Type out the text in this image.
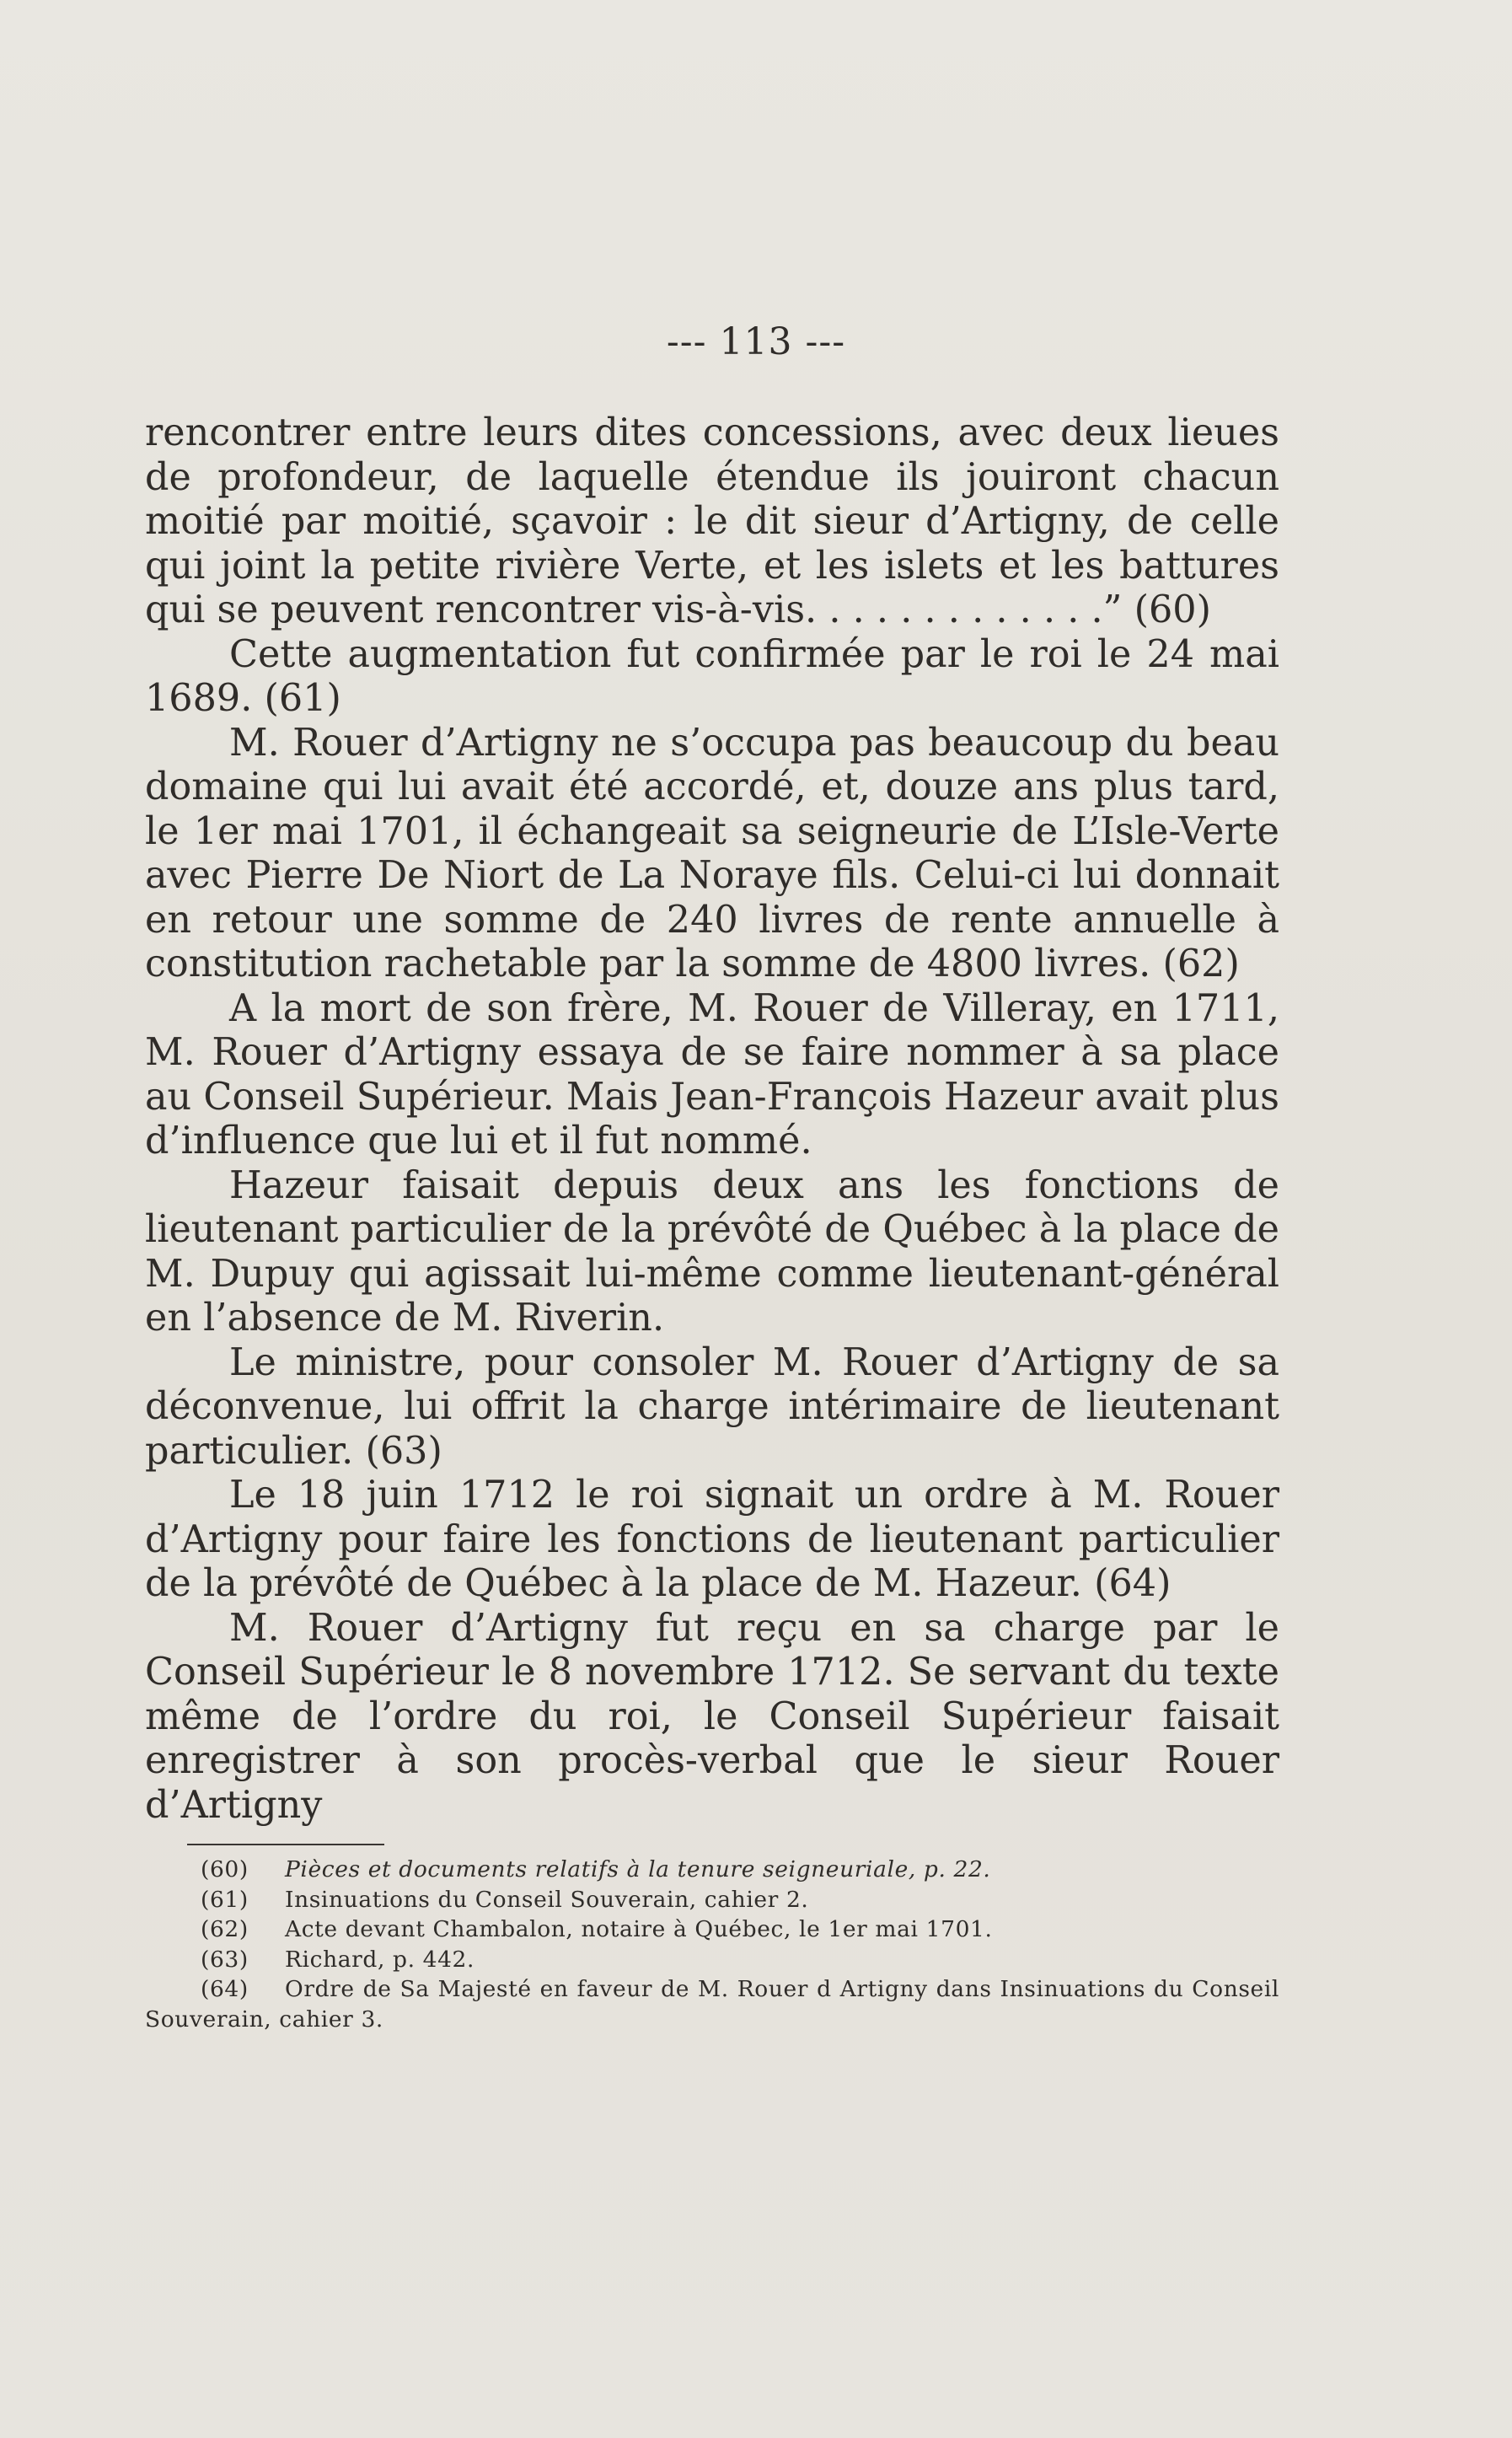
--- 113 ---

rencontrer entre leurs dites concessions, avec deux lieues de profondeur, de laquelle étendue ils jouiront chacun moitié par moitié, sçavoir : le dit sieur d’Artigny, de celle qui joint la petite rivière Verte, et les islets et les battures qui se peuvent rencontrer vis-à-vis. . . . . . . . . . . . .” (60)

Cette augmentation fut confirmée par le roi le 24 mai 1689. (61)

M. Rouer d’Artigny ne s’occupa pas beaucoup du beau domaine qui lui avait été accordé, et, douze ans plus tard, le 1er mai 1701, il échangeait sa seigneurie de L’Isle-Verte avec Pierre De Niort de La Noraye fils. Celui-ci lui donnait en retour une somme de 240 livres de rente annuelle à constitution rachetable par la somme de 4800 livres. (62)

A la mort de son frère, M. Rouer de Villeray, en 1711, M. Rouer d’Artigny essaya de se faire nommer à sa place au Conseil Supérieur. Mais Jean-François Hazeur avait plus d’influence que lui et il fut nommé.

Hazeur faisait depuis deux ans les fonctions de lieutenant particulier de la prévôté de Québec à la place de M. Dupuy qui agissait lui-même comme lieutenant-général en l’absence de M. Riverin.

Le ministre, pour consoler M. Rouer d’Artigny de sa déconvenue, lui offrit la charge intérimaire de lieutenant particulier. (63)

Le 18 juin 1712 le roi signait un ordre à M. Rouer d’Artigny pour faire les fonctions de lieutenant particulier de la prévôté de Québec à la place de M. Hazeur. (64)

M. Rouer d’Artigny fut reçu en sa charge par le Conseil Supérieur le 8 novembre 1712. Se servant du texte même de l’ordre du roi, le Conseil Supérieur faisait enregistrer à son procès-verbal que le sieur Rouer d’Artigny

(60)	Pièces et documents relatifs à la tenure seigneuriale, p. 22.
(61)	Insinuations du Conseil Souverain, cahier 2.
(62)	Acte devant Chambalon, notaire à Québec, le 1er mai 1701.
(63)	Richard, p. 442.
(64) Ordre de Sa Majesté en faveur de M. Rouer d Artigny dans Insinuations du Conseil Souverain, cahier 3.
